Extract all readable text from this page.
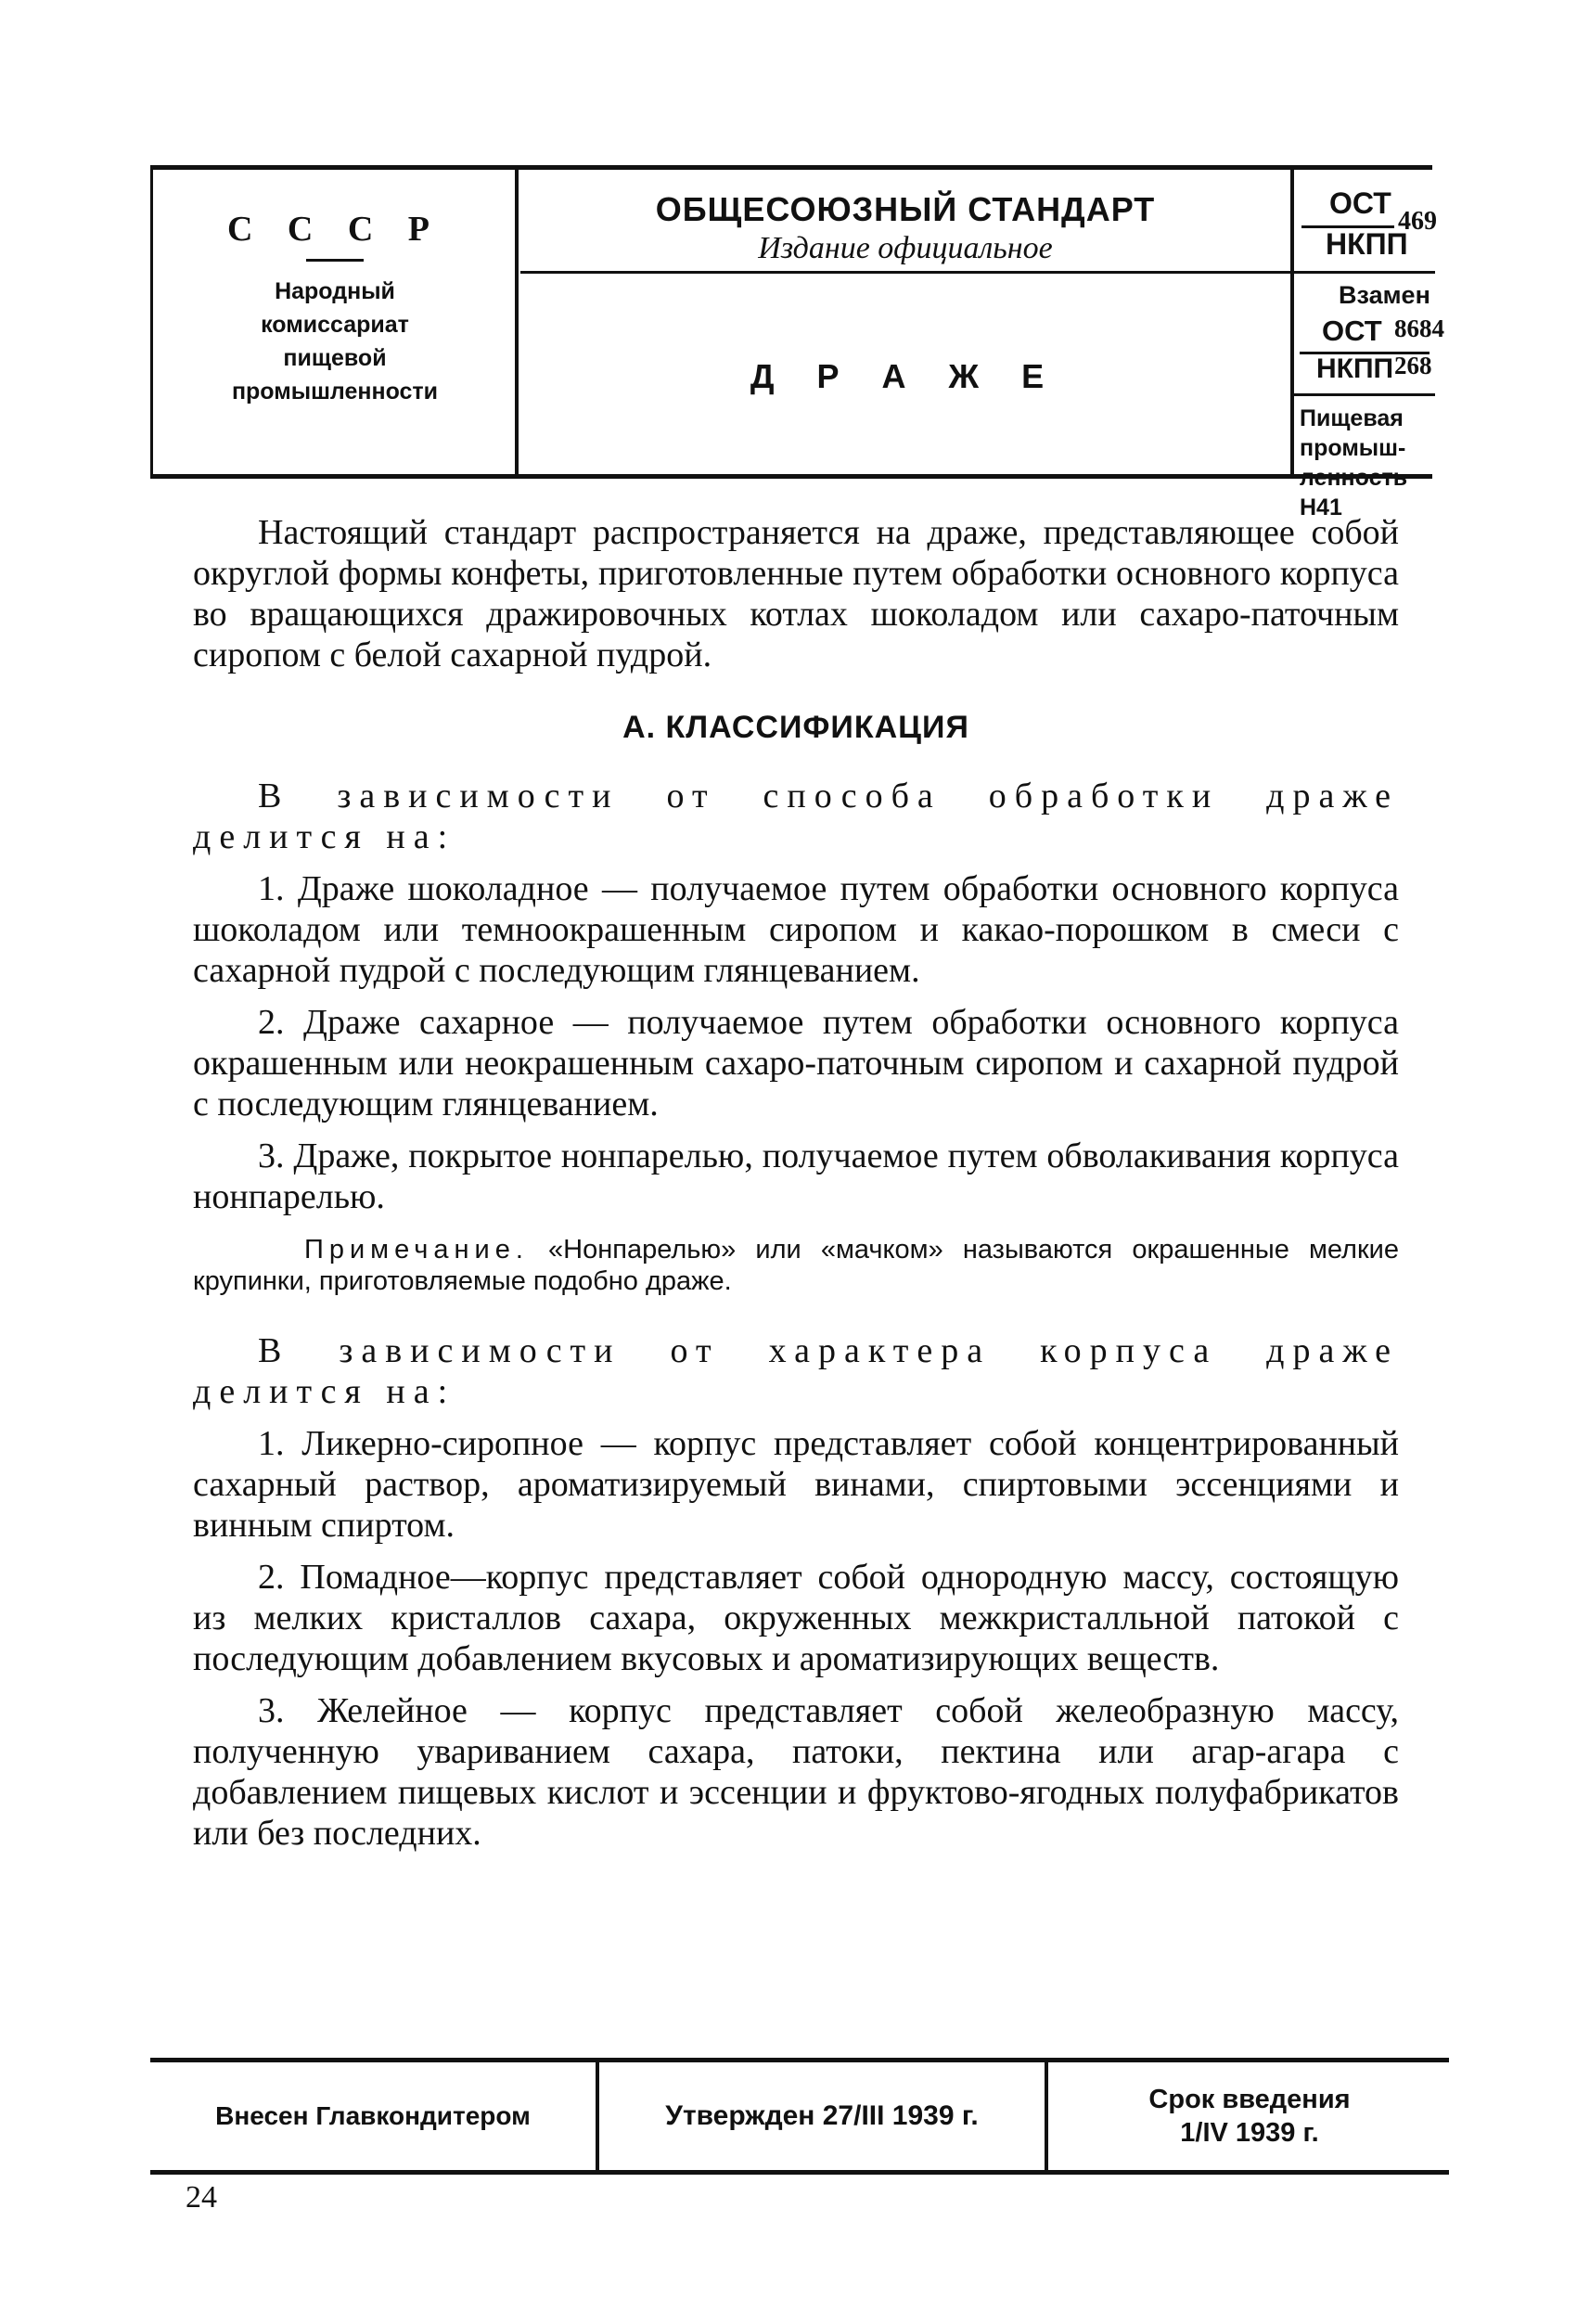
С С С Р
Народный
комиссариат
пищевой
промышленности
ОБЩЕСОЮЗНЫЙ СТАНДАРТ
Издание официальное
Д Р А Ж Е
ОСТ
469
НКПП
Взамен
ОСТ 8684
НКПП 268
Пищевая промыш-
ленность Н41

Настоящий стандарт распространяется на драже, представляющее собой округлой формы конфеты, приготовленные путем обработки основного корпуса во вращающихся дражировочных котлах шоколадом или сахаро-паточным сиропом с белой сахарной пудрой.

А. КЛАССИФИКАЦИЯ

В зависимости от способа обработки драже делится на:

1. Драже шоколадное — получаемое путем обработки основного корпуса шоколадом или темноокрашенным сиропом и какао-порошком в смеси с сахарной пудрой с последующим глянцеванием.

2. Драже сахарное — получаемое путем обработки основного корпуса окрашенным или неокрашенным сахаро-паточным сиропом и сахарной пудрой с последующим глянцеванием.

3. Драже, покрытое нонпарелью, получаемое путем обволакивания корпуса нонпарелью.

Примечание. «Нонпарелью» или «мачком» называются окрашенные мелкие крупинки, приготовляемые подобно драже.

В зависимости от характера корпуса драже делится на:

1. Ликерно-сиропное — корпус представляет собой концентрированный сахарный раствор, ароматизируемый винами, спиртовыми эссенциями и винным спиртом.

2. Помадное—корпус представляет собой однородную массу, состоящую из мелких кристаллов сахара, окруженных межкристалльной патокой с последующим добавлением вкусовых и ароматизирующих веществ.

3. Желейное — корпус представляет собой желеобразную массу, полученную увариванием сахара, патоки, пектина или агар-агара с добавлением пищевых кислот и эссенции и фруктово-ягодных полуфабрикатов или без последних.

Внесен Главкондитером	Утвержден 27/III 1939 г.
Срок введения
1/IV 1939 г.
24
